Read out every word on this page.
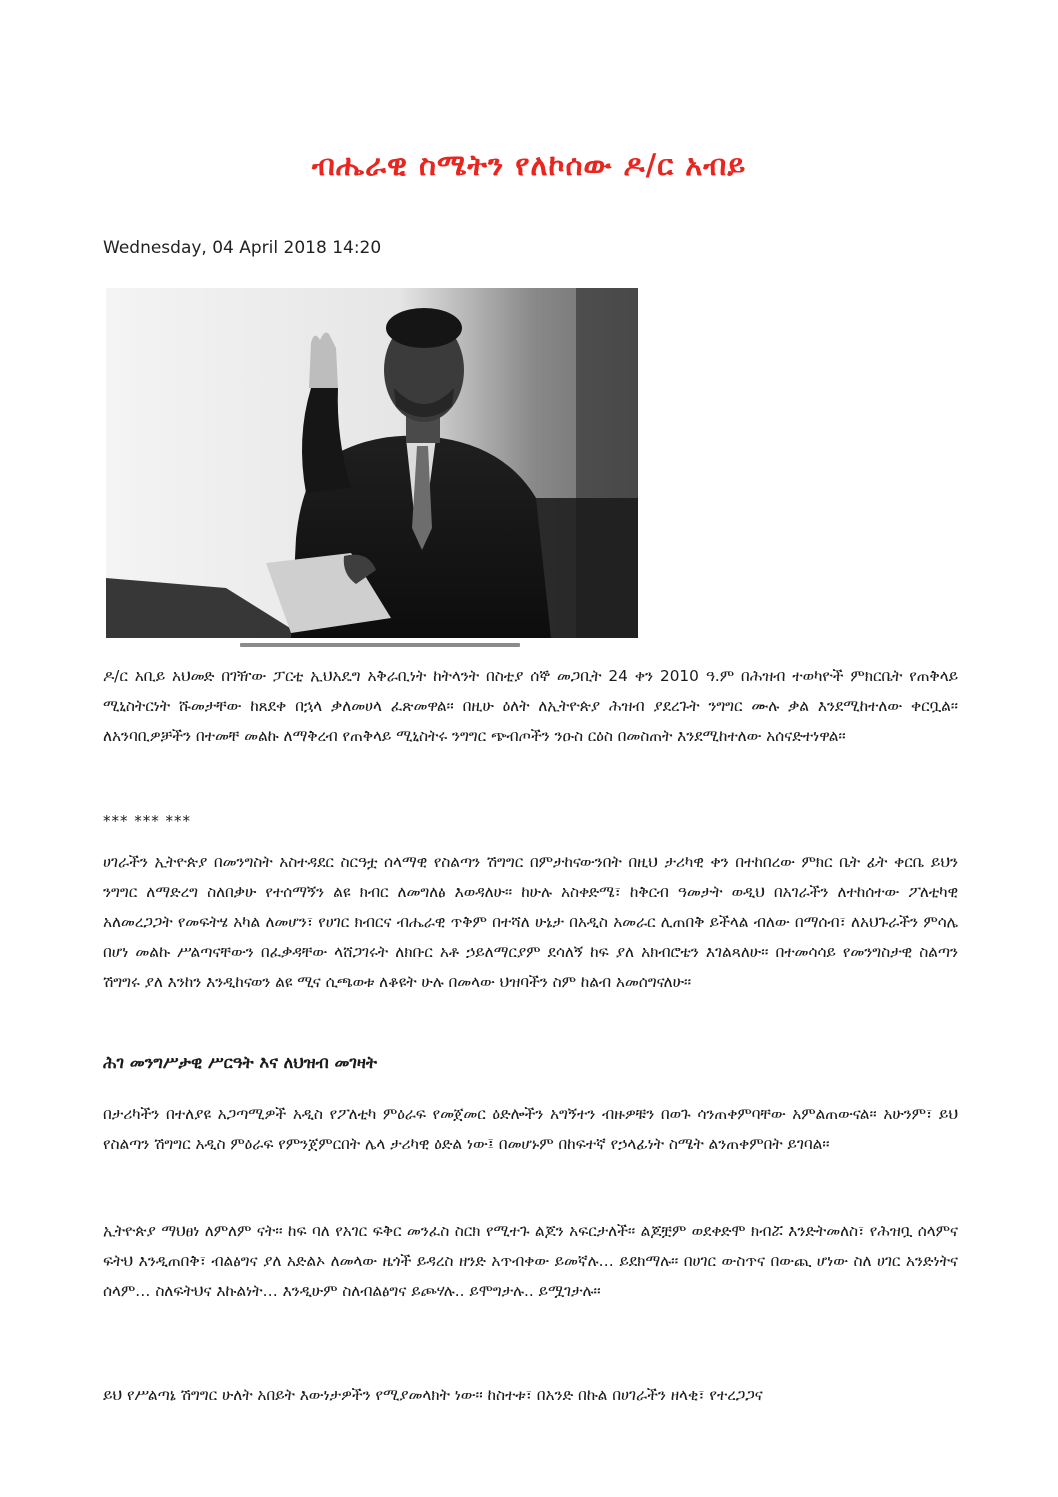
ብሔራዊ ስሜትን የለኮሰው ዶ/ር አብይ
Wednesday, 04 April 2018 14:20
ዶ/ር አቢይ አህመድ በገዥው ፓርቲ ኢህአዴግ አቅራቢነት ከትላንት በስቲያ ሰኞ መጋቢት 24 ቀን 2010 ዓ.ም በሕዝብ ተወካዮች ምክርቤት የጠቅላይ ሚኒስትርነት ሹመታቸው ከጸደቀ በኋላ ቃለመሀላ ፈጽመዋል፡፡ በዚሁ ዕለት ለኢትዮጵያ ሕዝብ ያደረጉት ንግግር ሙሉ ቃል እንደሚከተለው ቀርቧል፡፡ ለአንባቢዎቻችን በተመቸ መልኩ ለማቅረብ የጠቅላይ ሚኒስትሩ ንግግር ጭብጦችን ንዑስ ርዕስ በመስጠት እንደሚከተለው አሰናድተነዋል፡፡
*** *** ***
ሀገራችን ኢትዮጵያ በመንግስት አስተዳደር ስርዓቷ ሰላማዊ የስልጣን ሽግግር በምታከናውንበት በዚህ ታሪካዊ ቀን በተከበረው ምክር ቤት ፊት ቀርቤ ይህን ንግግር ለማድረግ ስለበቃሁ የተሰማኝን ልዩ ክብር ለመግለፅ እወዳለሁ፡፡ ከሁሉ አስቀድሜ፣ ከቅርብ ዓመታት ወዲህ በአገራችን ለተከሰተው ፖለቲካዊ አለመረጋጋት የመፍትሄ አካል ለመሆን፣ የሀገር ክብርና ብሔራዊ ጥቅም በተሻለ ሁኔታ በአዲስ አመራር ሊጠበቅ ይችላል ብለው በማሰብ፣ ለአህጉራችን ምሳሌ በሆነ መልኩ ሥልጣናቸውን በፈቃዳቸው ላሸጋገሩት ለክቡር አቶ ኃይለማርያም ደሳለኝ ከፍ ያለ አክብሮቴን እገልጻለሁ፡፡ በተመሳሳይ የመንግስታዊ ስልጣን ሽግግሩ ያለ እንከን እንዲከናወን ልዩ ሚና ሲጫወቱ ለቆዩት ሁሉ በመላው ህዝባችን ስም ከልብ አመሰግናለሁ፡፡
ሕገ መንግሥታዊ ሥርዓት እና ለህዝብ መገዛት
በታሪካችን በተለያዩ አጋጣሚዎች አዲስ የፖለቲካ ምዕራፍ የመጀመር ዕድሎችን አግኝተን ብዙዎቹን በወጉ ሳንጠቀምባቸው አምልጠውናል፡፡ አሁንም፣ ይህ የስልጣን ሽግግር አዲስ ምዕራፍ የምንጀምርበት ሌላ ታሪካዊ ዕድል ነው፤ በመሆኑም በከፍተኛ የኃላፊነት ስሜት ልንጠቀምበት ይገባል፡፡
ኢትዮጵያ ማህፀነ ለምለም ናት፡፡ ከፍ ባለ የአገር ፍቅር መንፈስ ስርክ የሚተጉ ልጆን አፍርታለች፡፡ ልጆቿም ወደቀድሞ ክብሯ እንድትመለስ፣ የሕዝቧ ሰላምና ፍትህ እንዲጠበቅ፣ ብልፅግና ያለ አድልኦ ለመላው ዜጎች ይዳረስ ዘንድ አጥብቀው ይመኛሉ… ይደክማሉ፡፡ በሀገር ውስጥና በውጪ ሆነው ስለ ሀገር አንድነትና ሰላም… ስለፍትህና እኩልነት… እንዲሁም ስለብልፅግና ይጮሃሉ.. ይሞግታሉ.. ይሟገታሉ፡፡
ይህ የሥልጣኔ ሽግግር ሁለት አበይት እውነታዎችን የሚያመላክት ነው፡፡ ከስተቱ፣ በአንድ በኩል በሀገራችን ዘላቂ፣ የተረጋጋና
